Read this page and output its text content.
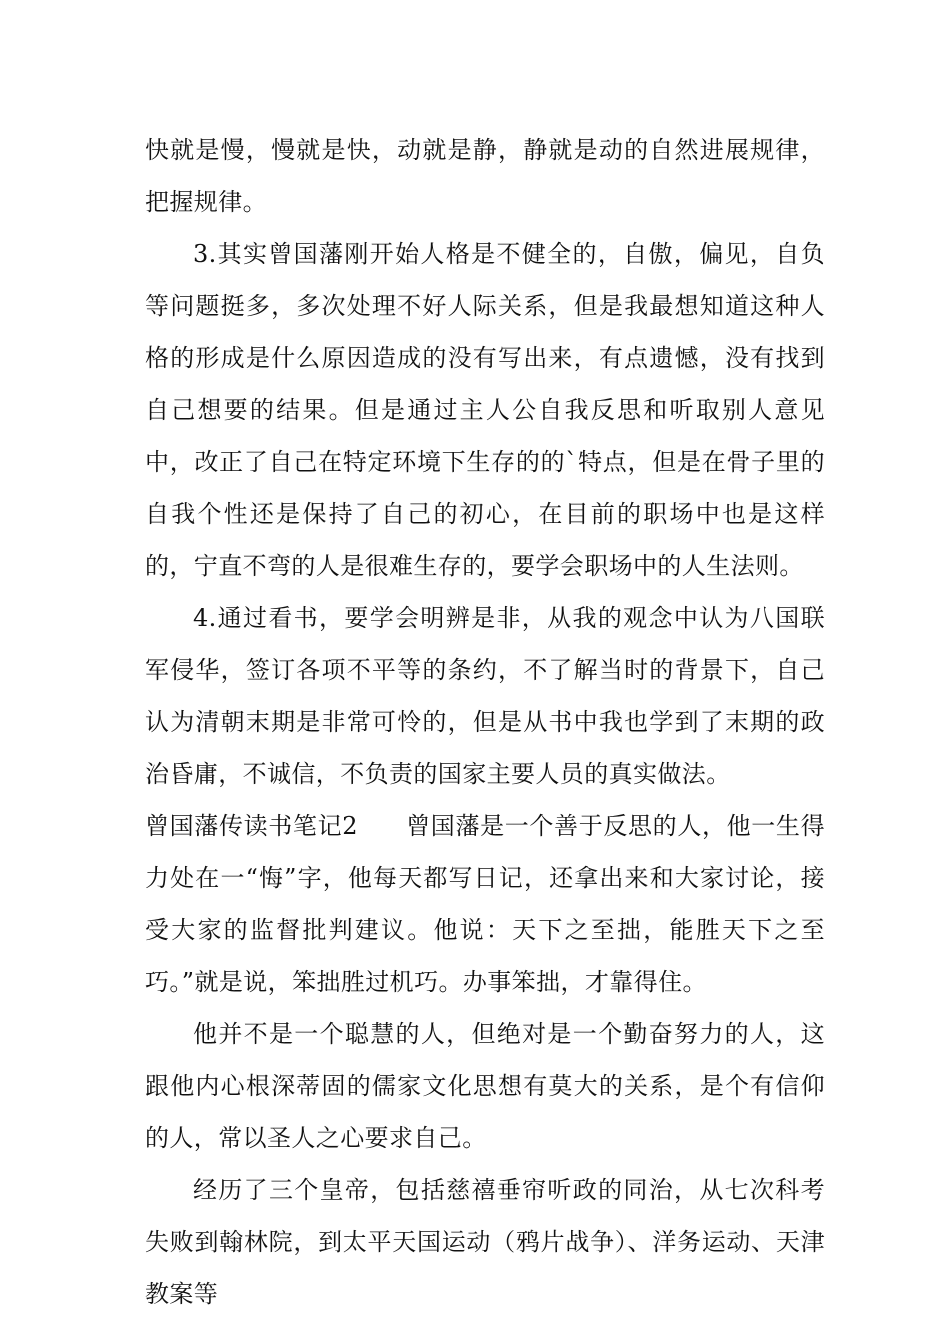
快就是慢，慢就是快，动就是静，静就是动的自然进展规律，把握规律。

3.其实曾国藩刚开始人格是不健全的，自傲，偏见，自负等问题挺多，多次处理不好人际关系，但是我最想知道这种人格的形成是什么原因造成的没有写出来，有点遗憾，没有找到自己想要的结果。但是通过主人公自我反思和听取别人意见中，改正了自己在特定环境下生存的的`特点，但是在骨子里的自我个性还是保持了自己的初心，在目前的职场中也是这样的，宁直不弯的人是很难生存的，要学会职场中的人生法则。

4.通过看书，要学会明辨是非，从我的观念中认为八国联军侵华，签订各项不平等的条约，不了解当时的背景下，自己认为清朝末期是非常可怜的，但是从书中我也学到了末期的政治昏庸，不诚信，不负责的国家主要人员的真实做法。

曾国藩传读书笔记2 曾国藩是一个善于反思的人，他一生得力处在一“悔”字，他每天都写日记，还拿出来和大家讨论，接受大家的监督批判建议。他说：天下之至拙，能胜天下之至巧。”就是说，笨拙胜过机巧。办事笨拙，才靠得住。

他并不是一个聪慧的人，但绝对是一个勤奋努力的人，这跟他内心根深蒂固的儒家文化思想有莫大的关系，是个有信仰的人，常以圣人之心要求自己。

经历了三个皇帝，包括慈禧垂帘听政的同治，从七次科考失败到翰林院，到太平天国运动（鸦片战争）、洋务运动、天津教案等
